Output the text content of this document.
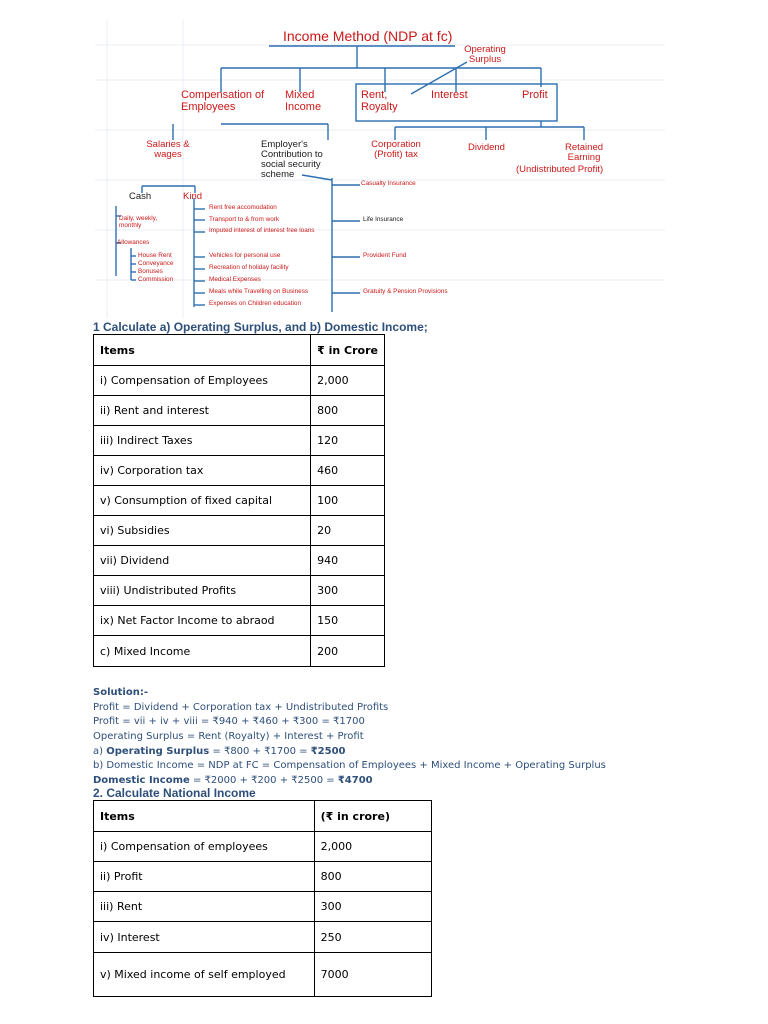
Income Method (NDP at fc)
Operating Surplus
Compensation of Employees
Mixed Income
Rent, Royalty
Interest	Profit
Salaries & wages
Employer's Contribution to social security scheme
Corporation (Profit) tax
Dividend	Retained Earning
(Undistributed Profit)
Cash	Kind
Daily, weekly, monthly
Allowances
House Rent
Conveyance
Bonuses
Commission
Rent free accomodation
Transport to & from work
Imputed interest of interest free loans
Vehicles for personal use
Recreation of holiday facility
Medical Expenses
Meals while Travelling on Business
Expenses on Children education
Casualty Insurance
Life Insurance
Provident Fund
Gratuity & Pension Provisions
1 Calculate a) Operating Surplus, and b) Domestic Income;
Items	₹ in Crore
i) Compensation of Employees	2,000
ii) Rent and interest	800
iii) Indirect Taxes	120
iv) Corporation tax	460
v) Consumption of fixed capital	100
vi) Subsidies	20
vii) Dividend	940
viii) Undistributed Profits	300
ix) Net Factor Income to abraod	150
c) Mixed Income	200
Solution:-
Profit = Dividend + Corporation tax + Undistributed Profits
Profit = vii + iv + viii = ₹940 + ₹460 + ₹300 = ₹1700
Operating Surplus = Rent (Royalty) + Interest + Profit
a) Operating Surplus = ₹800 + ₹1700 = ₹2500
b) Domestic Income = NDP at FC = Compensation of Employees + Mixed Income + Operating Surplus
Domestic Income = ₹2000 + ₹200 + ₹2500 = ₹4700
2. Calculate National Income
Items	(₹ in crore)
i) Compensation of employees	2,000
ii) Profit	800
iii) Rent	300
iv) Interest	250
v) Mixed income of self employed	7000
